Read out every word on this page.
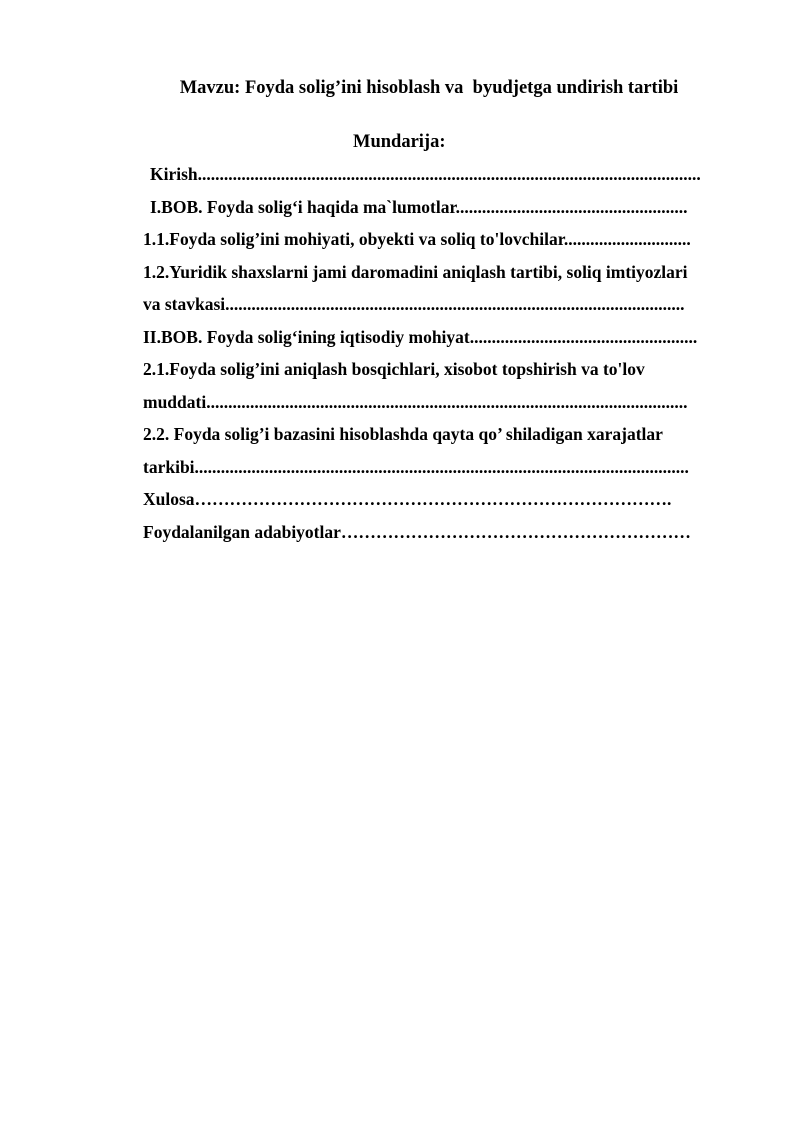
Mavzu: Foyda solig’ini hisoblash va  byudjetga undirish tartibi
Mundarija:
Kirish...................................................................................................................
I.BOB. Foyda solig‘i haqida ma`lumotlar.....................................................
1.1.Foyda solig’ini mohiyati, obyekti va soliq to'lovchilar.............................
1.2.Yuridik shaxslarni jami daromadini aniqlash tartibi, soliq imtiyozlari
va stavkasi.........................................................................................................
II.BOB. Foyda solig‘ining iqtisodiy mohiyat....................................................
2.1.Foyda solig’ini aniqlash bosqichlari, xisobot topshirish va to'lov
muddati..............................................................................................................
2.2. Foyda solig’i bazasini hisoblashda qayta qo’ shiladigan xarajatlar
tarkibi.................................................................................................................
Xulosa……………………………………………………………………….
Foydalanilgan adabiyotlar……………………………………………………
